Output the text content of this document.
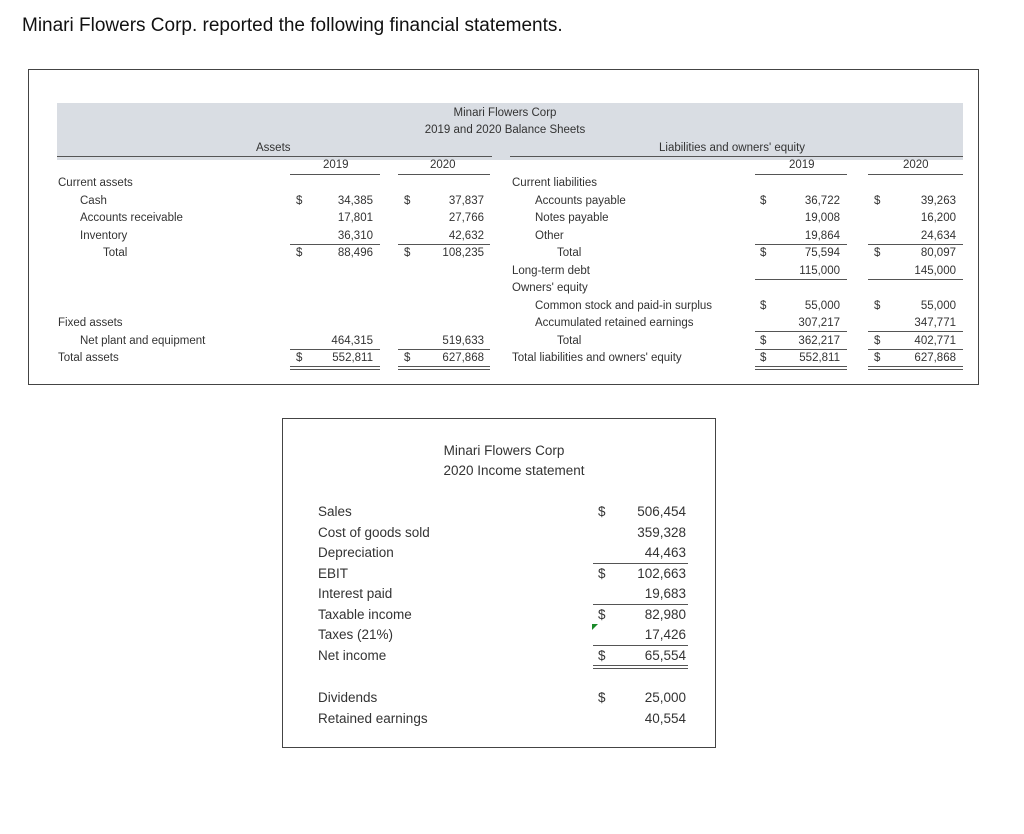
Minari Flowers Corp. reported the following financial statements.
Minari Flowers Corp
2019 and 2020 Balance Sheets
Assets	Liabilities and owners' equity
2019	2020	2019	2020
Current assets
Cash	$	34,385	$	37,837
Accounts receivable	17,801	27,766
Inventory	36,310	42,632
Total	$	88,496	$	108,235
Fixed assets
Net plant and equipment	464,315	519,633
Total assets	$	552,811	$	627,868
Current liabilities
Accounts payable	$	36,722	$	39,263
Notes payable	19,008	16,200
Other	19,864	24,634
Total	$	75,594	$	80,097
Long-term debt	115,000	145,000
Owners' equity
Common stock and paid-in surplus	$	55,000	$	55,000
Accumulated retained earnings	307,217	347,771
Total	$	362,217	$	402,771
Total liabilities and owners' equity	$	552,811	$	627,868
Minari Flowers Corp
2020 Income statement
Sales	$	506,454
Cost of goods sold	359,328
Depreciation	44,463
EBIT	$	102,663
Interest paid	19,683
Taxable income	$	82,980
Taxes (21%)	17,426
Net income	$	65,554
Dividends	$	25,000
Retained earnings	40,554
